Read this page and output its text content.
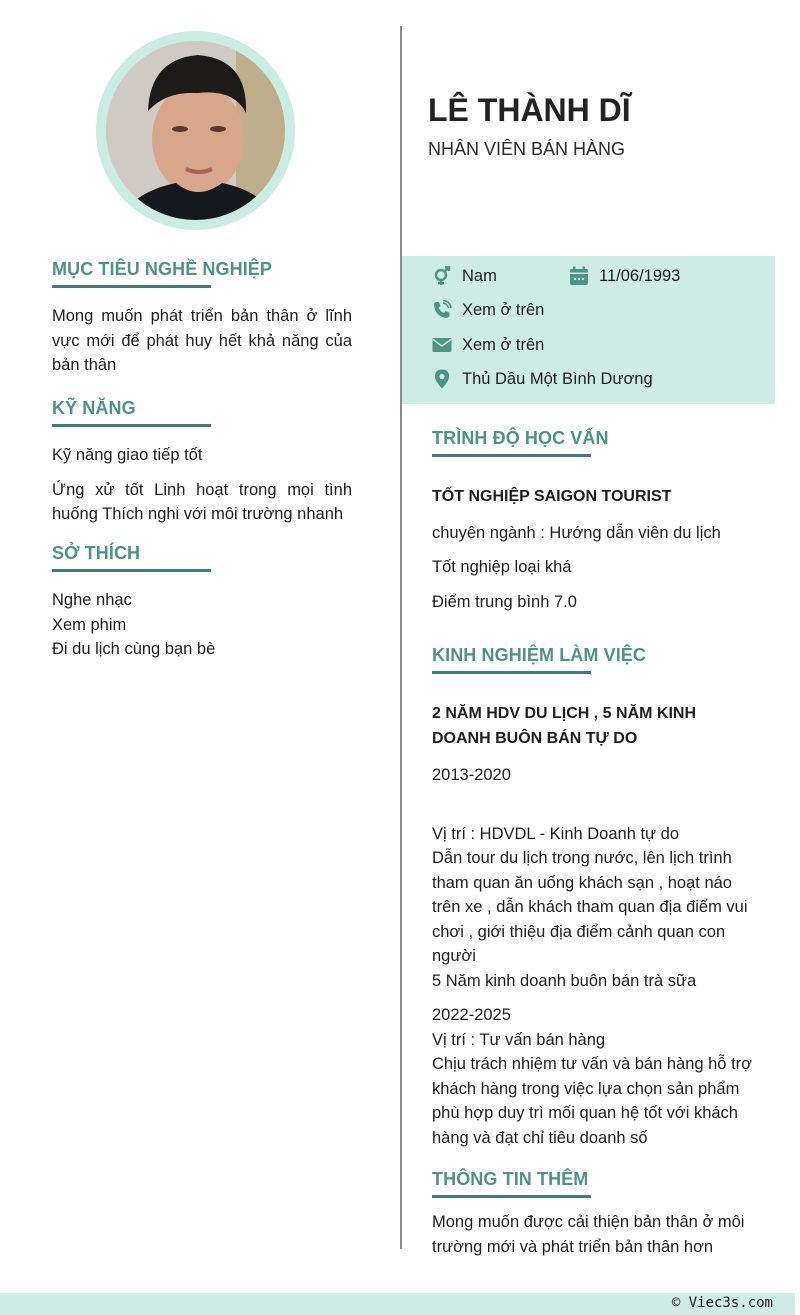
MỤC TIÊU NGHỀ NGHIỆP
Mong muốn phát triển bản thân ở lĩnh vực mới để phát huy hết khả năng của bản thân
KỸ NĂNG
Kỹ năng giao tiếp tốt
Ứng xử tốt Linh hoạt trong mọi tình huống Thích nghi với môi trường nhanh
SỞ THÍCH
Nghe nhạc
Xem phim
Đi du lịch cùng bạn bè
LÊ THÀNH DĨ
NHÂN VIÊN BÁN HÀNG
Nam	11/06/1993
Xem ở trên
Xem ở trên
Thủ Dầu Một Bình Dương
TRÌNH ĐỘ HỌC VẤN
TỐT NGHIỆP SAIGON TOURIST
chuyên ngành : Hướng dẫn viên du lịch
Tốt nghiệp loại khá
Điểm trung bình 7.0
KINH NGHIỆM LÀM VIỆC
2 NĂM HDV DU LỊCH , 5 NĂM KINH DOANH BUÔN BÁN TỰ DO
2013-2020
Vị trí : HDVDL - Kinh Doanh tự do
Dẫn tour du lịch trong nước, lên lịch trình tham quan ăn uống khách sạn , hoạt náo trên xe , dẫn khách tham quan địa điểm vui chơi , giới thiệu địa điểm cảnh quan con người
5 Năm kinh doanh buôn bán trà sữa
2022-2025
Vị trí : Tư vấn bán hàng
Chịu trách nhiệm tư vấn và bán hàng hỗ trợ khách hàng trong việc lựa chọn sản phẩm phù hợp duy trì mối quan hệ tốt với khách hàng và đạt chỉ tiêu doanh số
THÔNG TIN THÊM
Mong muốn được cải thiện bản thân ở môi trường mới và phát triển bản thân hơn
© Viec3s.com
